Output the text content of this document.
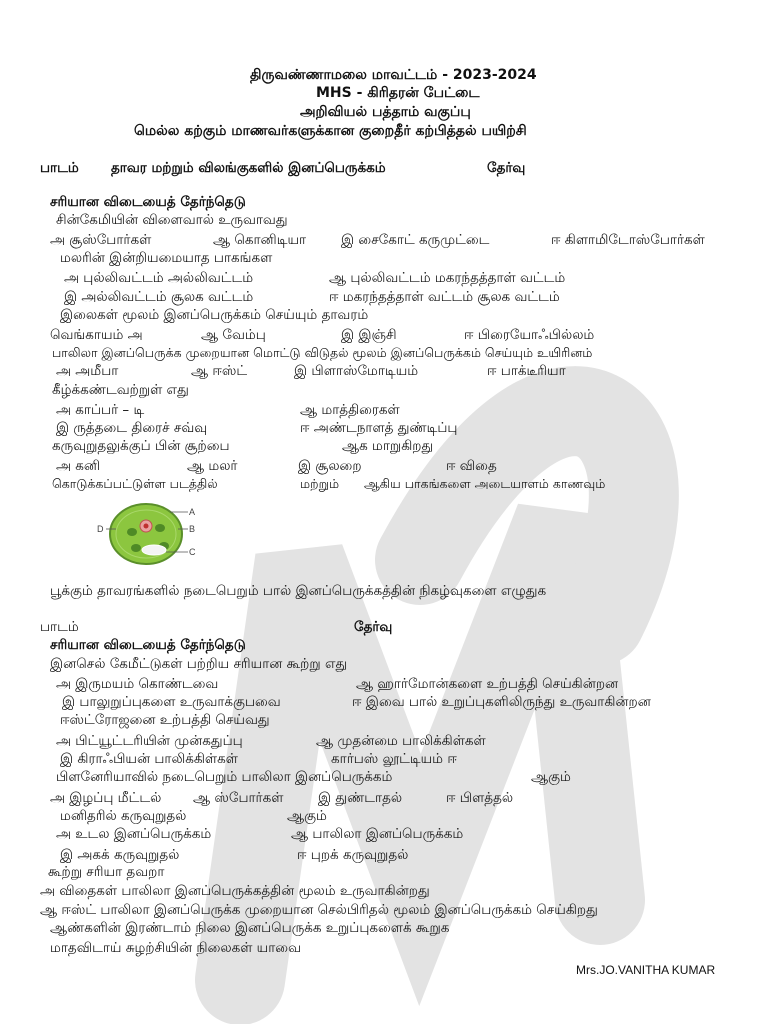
திருவண்ணாமலை மாவட்டம் - 2023-2024
MHS - கிரிதரன் பேட்டை
அறிவியல் பத்தாம் வகுப்பு
மெல்ல கற்கும் மாணவர்களுக்கான குறைதீர் கற்பித்தல் பயிற்சி
பாடம் தாவர மற்றும் விலங்குகளில் இனப்பெருக்கம்	தேர்வு
சரியான விடையைத் தேர்ந்தெடு
சின்கேமியின் விளைவால் உருவாவது
அ சூஸ்போர்கள்	ஆ கொனிடியா	இ சைகோட் கருமுட்டை	ஈ கிளாமிடோஸ்போர்கள்
மலரின் இன்றியமையாத பாகங்கள
அ புல்லிவட்டம் அல்லிவட்டம்	ஆ புல்லிவட்டம் மகரந்தத்தாள் வட்டம்
இ அல்லிவட்டம் சூலக வட்டம்	ஈ மகரந்தத்தாள் வட்டம் சூலக வட்டம்
இலைகள் மூலம் இனப்பெருக்கம் செய்யும் தாவரம்
வெங்காயம் அ	ஆ வேம்பு	இ இஞ்சி	ஈ பிரையோஃபில்லம்
பாலிலா இனப்பெருக்க முறையான மொட்டு விடுதல் மூலம் இனப்பெருக்கம் செய்யும் உயிரினம்
அ அமீபா	ஆ ஈஸ்ட்	இ பிளாஸ்மோடியம்	ஈ பாக்டீரியா
கீழ்க்கண்டவற்றுள் எது
அ காப்பர் – டி	ஆ மாத்திரைகள்
இ ருத்தடை திரைச் சவ்வு	ஈ அண்டநாளத் துண்டிப்பு
கருவுறுதலுக்குப் பின் சூற்பை	ஆக மாறுகிறது
அ கனி	ஆ மலர்	இ சூலறை	ஈ விதை
கொடுக்கப்பட்டுள்ள படத்தில்	மற்றும் ஆகிய பாகங்களை அடையாளம் காணவும்
A
B
C
D
பூக்கும் தாவரங்களில் நடைபெறும் பால் இனப்பெருக்கத்தின் நிகழ்வுகளை எழுதுக
பாடம்	தேர்வு
சரியான விடையைத் தேர்ந்தெடு
இனசெல் கேமீட்டுகள் பற்றிய சரியான கூற்று எது
அ இருமயம் கொண்டவை	ஆ ஹார்மோன்களை உற்பத்தி செய்கின்றன
இ பாலுறுப்புகளை உருவாக்குபவை	ஈ இவை பால் உறுப்புகளிலிருந்து உருவாகின்றன
ஈஸ்ட்ரோஜனை உற்பத்தி செய்வது
அ பிட்யூட்டரியின் முன்கதுப்பு	ஆ முதன்மை பாலிக்கிள்கள்
இ கிராஃபியன் பாலிக்கிள்கள்	கார்பஸ் லூட்டியம் ஈ
பிளனேரியாவில் நடைபெறும் பாலிலா இனப்பெருக்கம்	ஆகும்
அ இழப்பு மீட்டல் ஆ ஸ்போர்கள்	இ துண்டாதல்	ஈ பிளத்தல்
மனிதரில் கருவுறுதல்	ஆகும்
அ உடல இனப்பெருக்கம்	ஆ பாலிலா இனப்பெருக்கம்
இ அகக் கருவுறுதல்	ஈ புறக் கருவுறுதல்
கூற்று சரியா தவறா
அ விதைகள் பாலிலா இனப்பெருக்கத்தின் மூலம் உருவாகின்றது
ஆ ஈஸ்ட் பாலிலா இனப்பெருக்க முறையான செல்பிரிதல் மூலம் இனப்பெருக்கம் செய்கிறது
ஆண்களின் இரண்டாம் நிலை இனப்பெருக்க உறுப்புகளைக் கூறுக
மாதவிடாய் சுழற்சியின் நிலைகள் யாவை
Mrs.JO.VANITHA KUMAR
